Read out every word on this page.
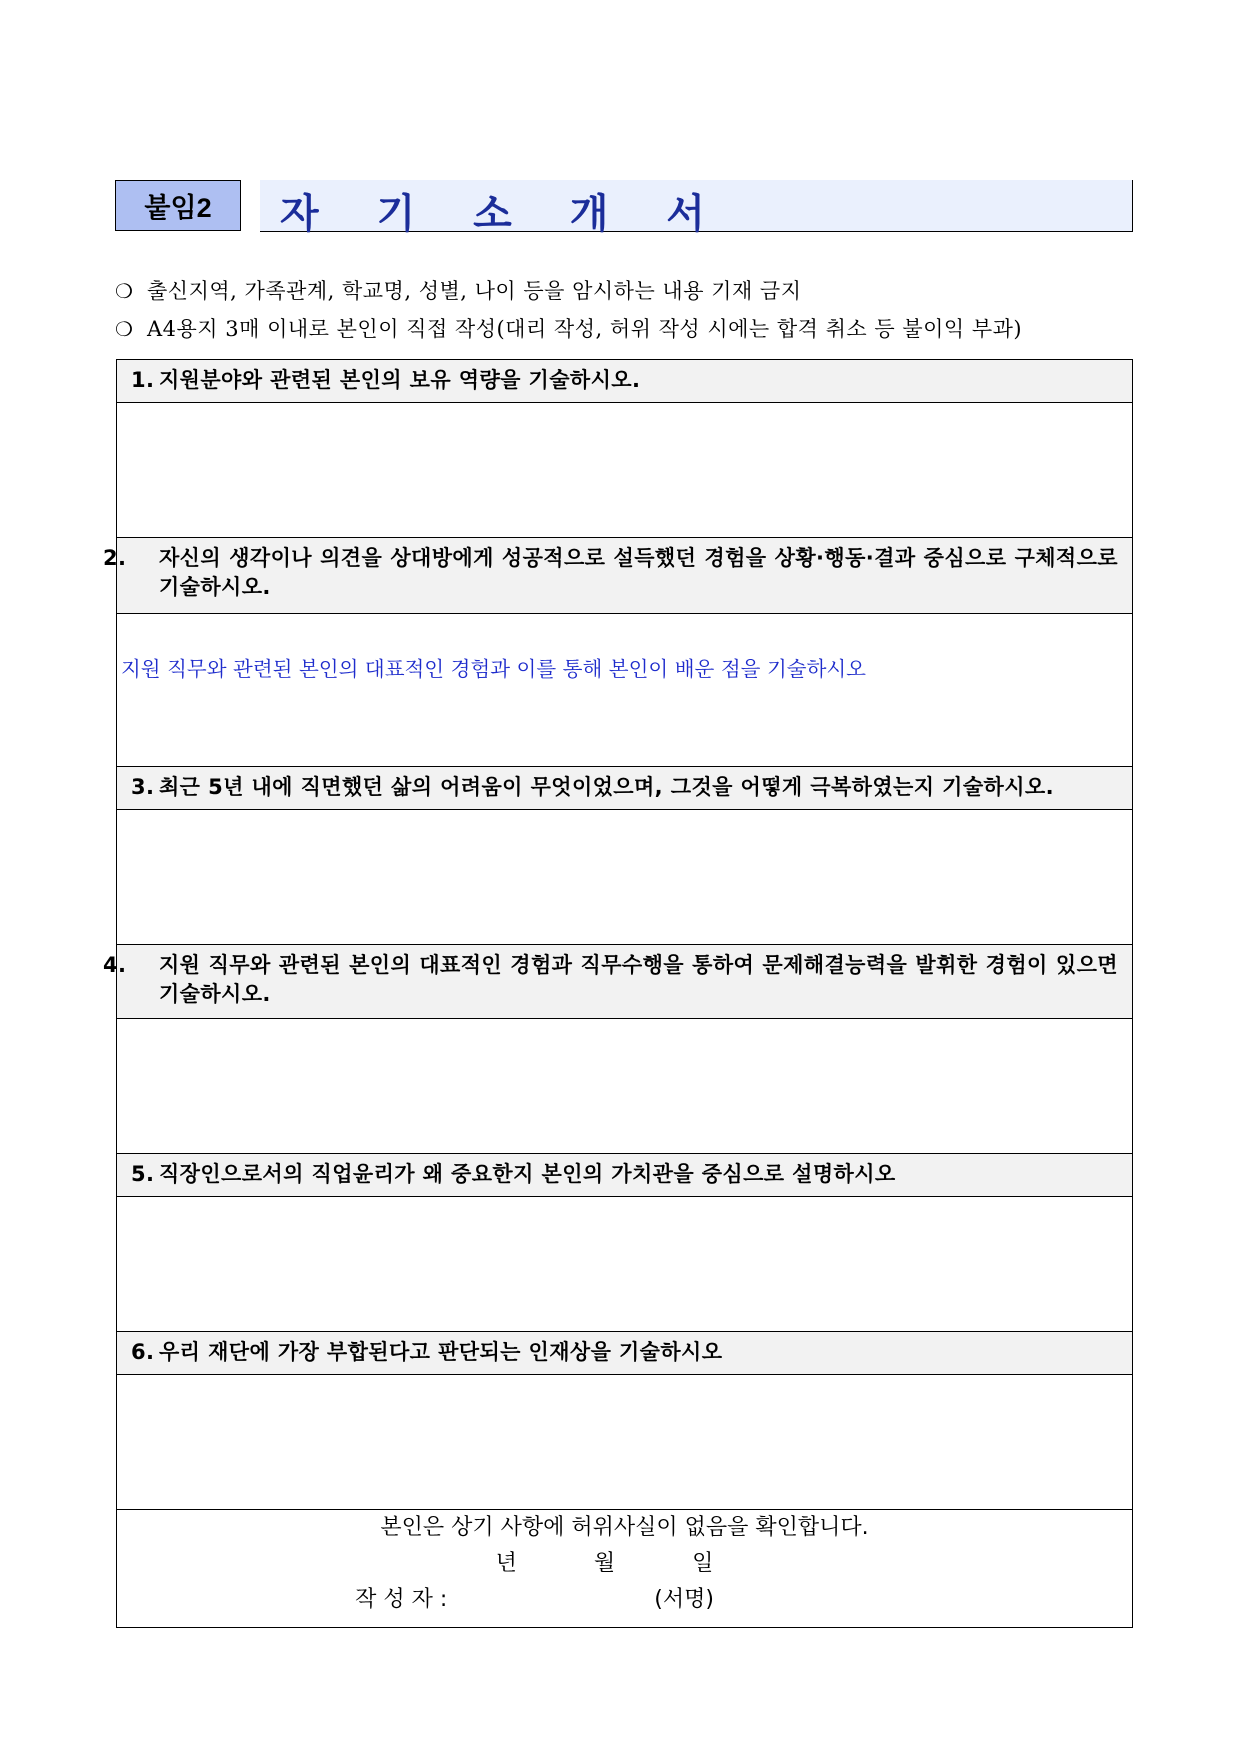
붙임2	자 기 소 개 서
❍ 출신지역, 가족관계, 학교명, 성별, 나이 등을 암시하는 내용 기재 금지
❍ A4용지 3매 이내로 본인이 직접 작성(대리 작성, 허위 작성 시에는 합격 취소 등 불이익 부과)
1. 지원분야와 관련된 본인의 보유 역량을 기술하시오.

2. 자신의 생각이나 의견을 상대방에게 성공적으로 설득했던 경험을 상황·행동·결과 중심으로 구체적으로 기술하시오.

지원 직무와 관련된 본인의 대표적인 경험과 이를 통해 본인이 배운 점을 기술하시오

3. 최근 5년 내에 직면했던 삶의 어려움이 무엇이었으며, 그것을 어떻게 극복하였는지 기술하시오.

4. 지원 직무와 관련된 본인의 대표적인 경험과 직무수행을 통하여 문제해결능력을 발휘한 경험이 있으면 기술하시오.

5. 직장인으로서의 직업윤리가 왜 중요한지 본인의 가치관을 중심으로 설명하시오

6. 우리 재단에 가장 부합된다고 판단되는 인재상을 기술하시오

본인은 상기 사항에 허위사실이 없음을 확인합니다.
년	월	일
작 성 자 :	(서명)
